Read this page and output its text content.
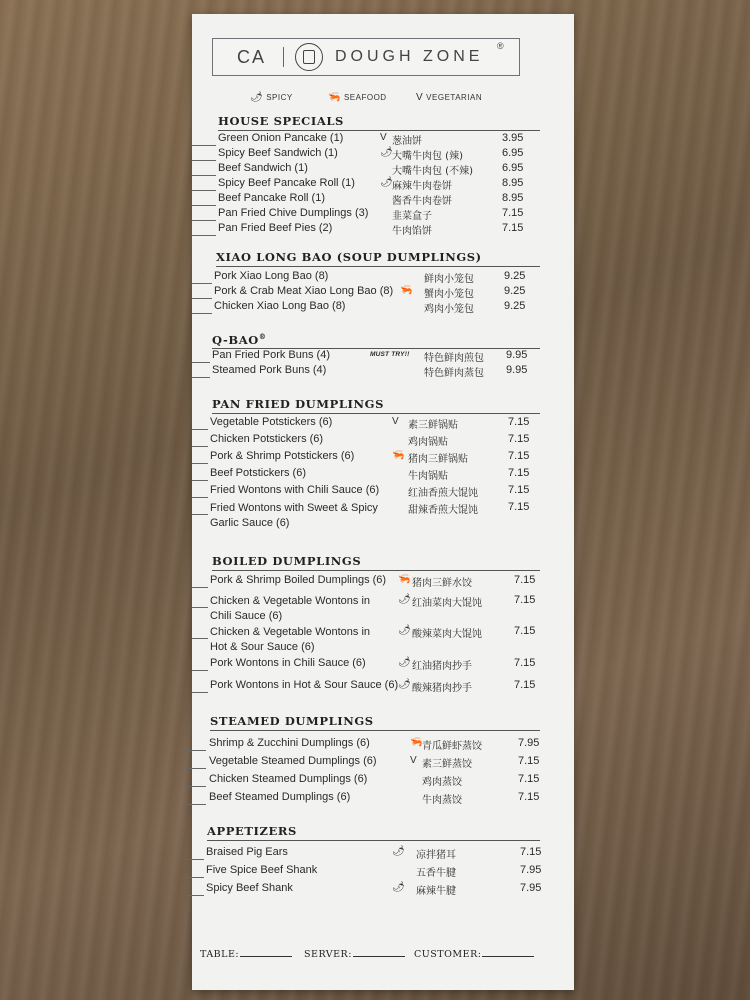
CA	DOUGH ZONE
®
🌶 SPICY	🦐 SEAFOOD	V VEGETARIAN
HOUSE SPECIALS
Green Onion Pancake (1)	V 葱油饼	3.95
Spicy Beef Sandwich (1)	🌶 大嘴牛肉包 (辣)	6.95
Beef Sandwich (1)	大嘴牛肉包 (不辣)	6.95
Spicy Beef Pancake Roll (1)	🌶 麻辣牛肉卷饼	8.95
Beef Pancake Roll (1)	酱香牛肉卷饼	8.95
Pan Fried Chive Dumplings (3) 韭菜盒子	7.15
Pan Fried Beef Pies (2)	牛肉馅饼	7.15
XIAO LONG BAO (SOUP DUMPLINGS)
Pork Xiao Long Bao (8)	鲜肉小笼包	9.25
Pork & Crab Meat Xiao Long Bao (8) 🦐 蟹肉小笼包	9.25
Chicken Xiao Long Bao (8)	鸡肉小笼包	9.25
Q-BAO®
Pan Fried Pork Buns (4)	MUST TRY!! 特色鲜肉煎包 9.95
Steamed Pork Buns (4)	特色鲜肉蒸包 9.95
PAN FRIED DUMPLINGS
Vegetable Potstickers (6)	V 素三鲜锅贴	7.15
Chicken Potstickers (6)	鸡肉锅贴	7.15
Pork & Shrimp Potstickers (6)	🦐 猪肉三鲜锅贴	7.15
Beef Potstickers (6)	牛肉锅贴	7.15
Fried Wontons with Chili Sauce (6)	红油香煎大馄饨	7.15
Fried Wontons with Sweet & Spicy Garlic Sauce (6)
甜辣香煎大馄饨	7.15
BOILED DUMPLINGS
Pork & Shrimp Boiled Dumplings (6) 🦐 猪肉三鲜水饺	7.15
Chicken & Vegetable Wontons in Chili Sauce (6)
🌶 红油菜肉大馄饨	7.15
Chicken & Vegetable Wontons in Hot & Sour Sauce (6)
🌶 酸辣菜肉大馄饨	7.15
Pork Wontons in Chili Sauce (6)	🌶 红油猪肉抄手	7.15
Pork Wontons in Hot & Sour Sauce (6) 🌶 酸辣猪肉抄手	7.15
STEAMED DUMPLINGS
Shrimp & Zucchini Dumplings (6)	🦐 青瓜鲜虾蒸饺	7.95
Vegetable Steamed Dumplings (6)	V 素三鲜蒸饺	7.15
Chicken Steamed Dumplings (6)	鸡肉蒸饺	7.15
Beef Steamed Dumplings (6)	牛肉蒸饺	7.15
APPETIZERS
Braised Pig Ears	🌶 凉拌猪耳	7.15
Five Spice Beef Shank	五香牛腱	7.95
Spicy Beef Shank	🌶 麻辣牛腱	7.95
TABLE:	SERVER:	CUSTOMER:
